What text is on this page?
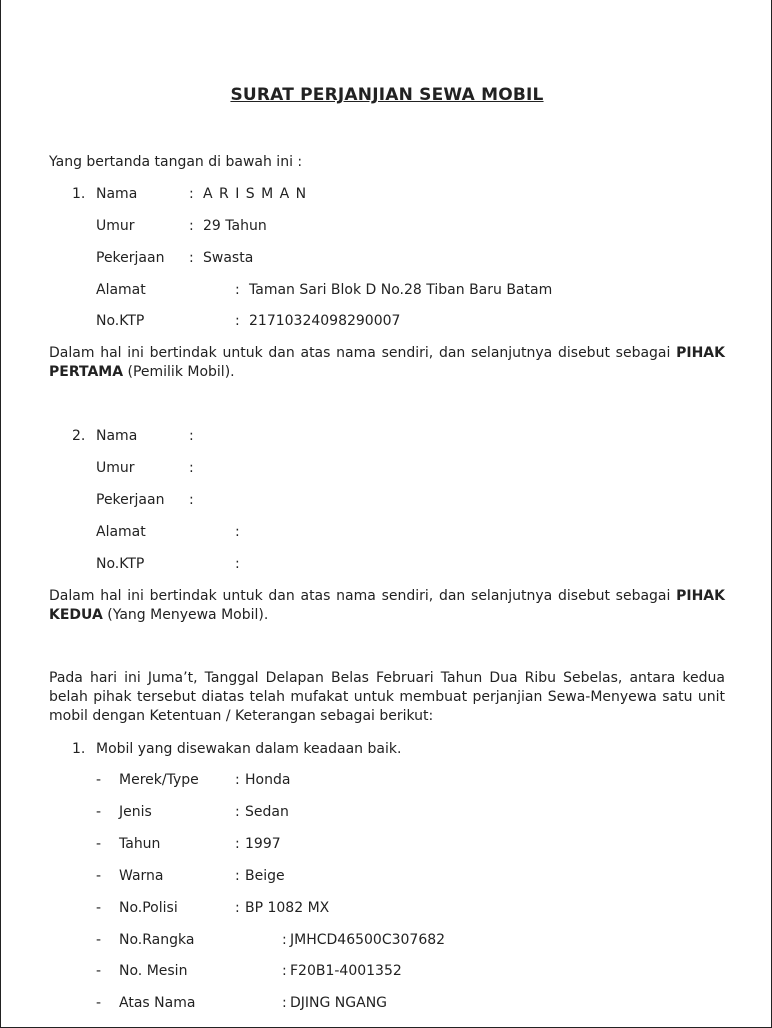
SURAT PERJANJIAN SEWA MOBIL
Yang bertanda tangan di bawah ini :
1. Nama	: A R I S M A N
Umur	: 29 Tahun
Pekerjaan : Swasta
Alamat	: Taman Sari Blok D No.28 Tiban Baru Batam
No.KTP	: 21710324098290007
Dalam hal ini bertindak untuk dan atas nama sendiri, dan selanjutnya disebut sebagai PIHAK PERTAMA (Pemilik Mobil).
2. Nama	:
Umur	:
Pekerjaan :
Alamat	:
No.KTP	:
Dalam hal ini bertindak untuk dan atas nama sendiri, dan selanjutnya disebut sebagai PIHAK KEDUA (Yang Menyewa Mobil).
Pada hari ini Juma’t, Tanggal Delapan Belas Februari Tahun Dua Ribu Sebelas, antara kedua belah pihak tersebut diatas telah mufakat untuk membuat perjanjian Sewa-Menyewa satu unit mobil dengan Ketentuan / Keterangan sebagai berikut:
1. Mobil yang disewakan dalam keadaan baik.
- Merek/Type	: Honda
- Jenis	: Sedan
- Tahun	: 1997
- Warna	: Beige
- No.Polisi	: BP 1082 MX
- No.Rangka	: JMHCD46500C307682
- No. Mesin	: F20B1-4001352
- Atas Nama	: DJING NGANG
